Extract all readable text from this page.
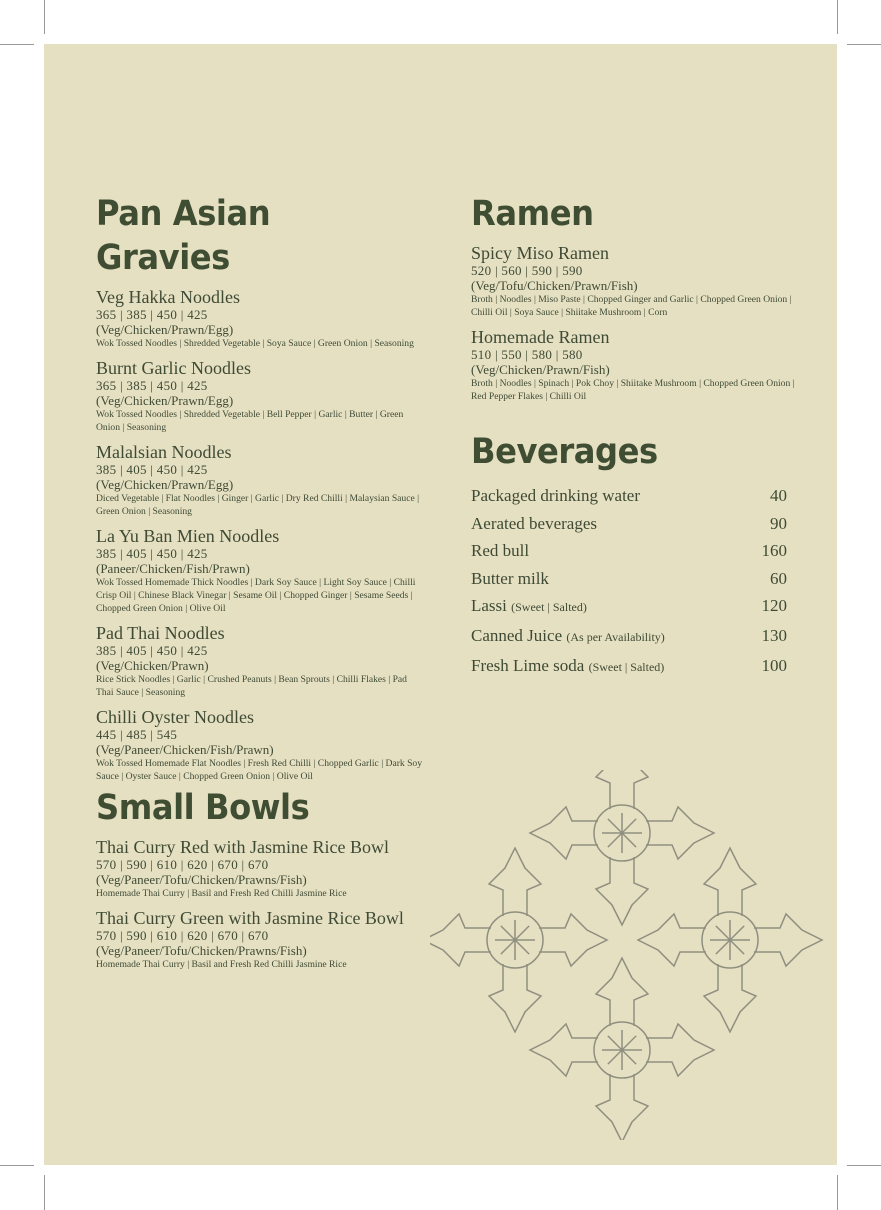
Pan Asian Gravies
Veg Hakka Noodles
365 | 385 | 450 | 425
(Veg/Chicken/Prawn/Egg)
Wok Tossed Noodles | Shredded Vegetable | Soya Sauce | Green Onion | Seasoning
Burnt Garlic Noodles
365 | 385 | 450 | 425
(Veg/Chicken/Prawn/Egg)
Wok Tossed Noodles | Shredded Vegetable | Bell Pepper | Garlic | Butter | Green Onion | Seasoning
Malalsian Noodles
385 | 405 | 450 | 425
(Veg/Chicken/Prawn/Egg)
Diced Vegetable | Flat Noodles | Ginger | Garlic | Dry Red Chilli | Malaysian Sauce | Green Onion | Seasoning
La Yu Ban Mien Noodles
385 | 405 | 450 | 425
(Paneer/Chicken/Fish/Prawn)
Wok Tossed Homemade Thick Noodles | Dark Soy Sauce | Light Soy Sauce | Chilli Crisp Oil | Chinese Black Vinegar | Sesame Oil | Chopped Ginger | Sesame Seeds | Chopped Green Onion | Olive Oil
Pad Thai Noodles
385 | 405 | 450 | 425
(Veg/Chicken/Prawn)
Rice Stick Noodles | Garlic | Crushed Peanuts | Bean Sprouts | Chilli Flakes | Pad Thai Sauce | Seasoning
Chilli Oyster Noodles
445 | 485 | 545
(Veg/Paneer/Chicken/Fish/Prawn)
Wok Tossed Homemade Flat Noodles | Fresh Red Chilli | Chopped Garlic | Dark Soy Sauce | Oyster Sauce | Chopped Green Onion | Olive Oil
Small Bowls
Thai Curry Red with Jasmine Rice Bowl
570 | 590 | 610 | 620 | 670 | 670
(Veg/Paneer/Tofu/Chicken/Prawns/Fish)
Homemade Thai Curry | Basil and Fresh Red Chilli Jasmine Rice
Thai Curry Green with Jasmine Rice Bowl
570 | 590 | 610 | 620 | 670 | 670
(Veg/Paneer/Tofu/Chicken/Prawns/Fish)
Homemade Thai Curry | Basil and Fresh Red Chilli Jasmine Rice
Ramen
Spicy Miso Ramen
520 | 560 | 590 | 590
(Veg/Tofu/Chicken/Prawn/Fish)
Broth | Noodles | Miso Paste | Chopped Ginger and Garlic | Chopped Green Onion | Chilli Oil | Soya Sauce | Shiitake Mushroom | Corn
Homemade Ramen
510 | 550 | 580 | 580
(Veg/Chicken/Prawn/Fish)
Broth | Noodles | Spinach | Pok Choy | Shiitake Mushroom | Chopped Green Onion | Red Pepper Flakes | Chilli Oil
Beverages
Packaged drinking water	40
Aerated beverages	90
Red bull	160
Butter milk	60
Lassi (Sweet | Salted)	120
Canned Juice (As per Availability)	130
Fresh Lime soda (Sweet | Salted)	100
